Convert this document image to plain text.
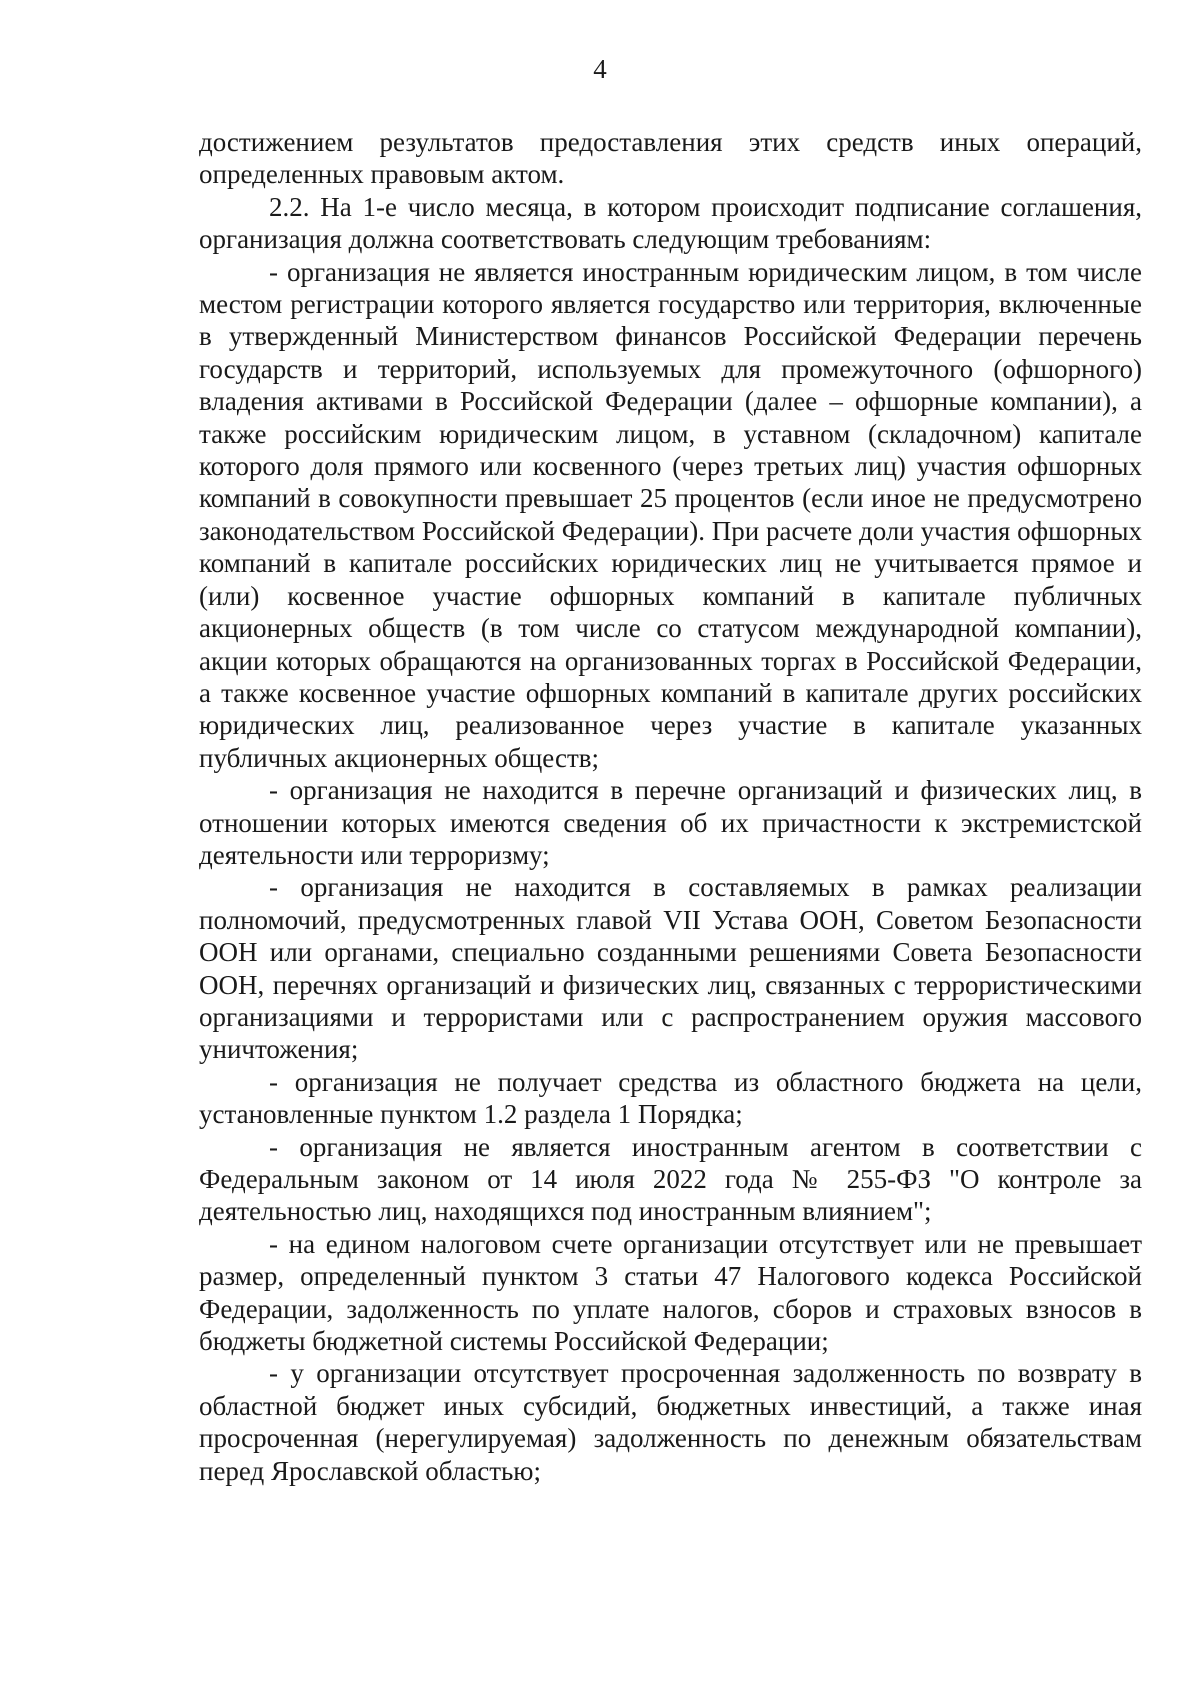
4

достижением результатов предоставления этих средств иных операций, определенных правовым актом.

2.2. На 1-е число месяца, в котором происходит подписание соглашения, организация должна соответствовать следующим требованиям:

- организация не является иностранным юридическим лицом, в том числе местом регистрации которого является государство или территория, включенные в утвержденный Министерством финансов Российской Федерации перечень государств и территорий, используемых для промежуточного (офшорного) владения активами в Российской Федерации (далее – офшорные компании), а также российским юридическим лицом, в уставном (складочном) капитале которого доля прямого или косвенного (через третьих лиц) участия офшорных компаний в совокупности превышает 25 процентов (если иное не предусмотрено законодательством Российской Федерации). При расчете доли участия офшорных компаний в капитале российских юридических лиц не учитывается прямое и (или) косвенное участие офшорных компаний в капитале публичных акционерных обществ (в том числе со статусом международной компании), акции которых обращаются на организованных торгах в Российской Федерации, а также косвенное участие офшорных компаний в капитале других российских юридических лиц, реализованное через участие в капитале указанных публичных акционерных обществ;

- организация не находится в перечне организаций и физических лиц, в отношении которых имеются сведения об их причастности к экстремистской деятельности или терроризму;

- организация не находится в составляемых в рамках реализации полномочий, предусмотренных главой VII Устава ООН, Советом Безопасности ООН или органами, специально созданными решениями Совета Безопасности ООН, перечнях организаций и физических лиц, связанных с террористическими организациями и террористами или с распространением оружия массового уничтожения;

- организация не получает средства из областного бюджета на цели, установленные пунктом 1.2 раздела 1 Порядка;

- организация не является иностранным агентом в соответствии с Федеральным законом от 14 июля 2022 года № 255-ФЗ "О контроле за деятельностью лиц, находящихся под иностранным влиянием";

- на едином налоговом счете организации отсутствует или не превышает размер, определенный пунктом 3 статьи 47 Налогового кодекса Российской Федерации, задолженность по уплате налогов, сборов и страховых взносов в бюджеты бюджетной системы Российской Федерации;

- у организации отсутствует просроченная задолженность по возврату в областной бюджет иных субсидий, бюджетных инвестиций, а также иная просроченная (нерегулируемая) задолженность по денежным обязательствам перед Ярославской областью;
